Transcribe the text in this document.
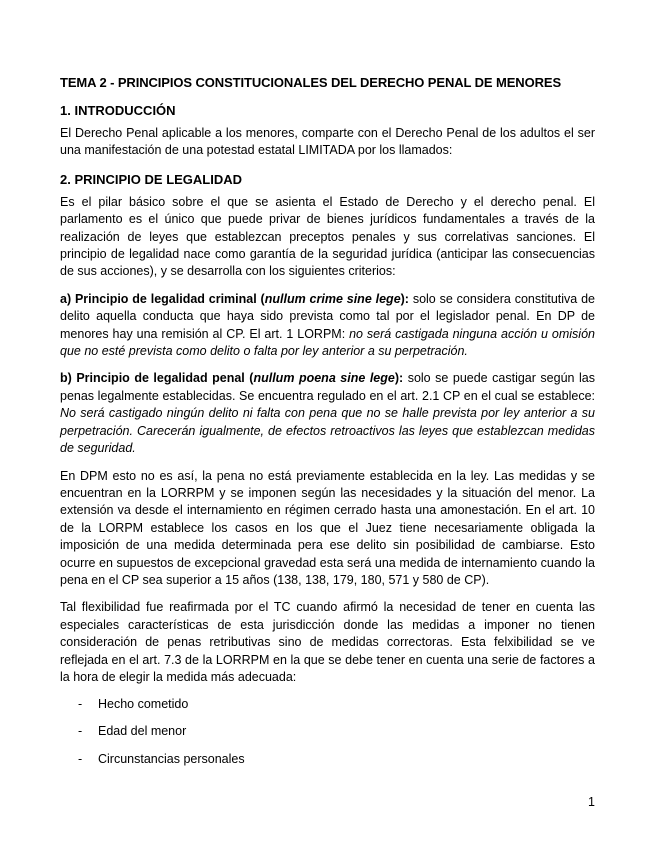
TEMA 2 - PRINCIPIOS CONSTITUCIONALES DEL DERECHO PENAL DE MENORES
1. INTRODUCCIÓN

El Derecho Penal aplicable a los menores, comparte con el Derecho Penal de los adultos el ser una manifestación de una potestad estatal LIMITADA por los llamados:

2. PRINCIPIO DE LEGALIDAD

Es el pilar básico sobre el que se asienta el Estado de Derecho y el derecho penal. El parlamento es el único que puede privar de bienes jurídicos fundamentales a través de la realización de leyes que establezcan preceptos penales y sus correlativas sanciones. El principio de legalidad nace como garantía de la seguridad jurídica (anticipar las consecuencias de sus acciones), y se desarrolla con los siguientes criterios:

a) Principio de legalidad criminal (nullum crime sine lege): solo se considera constitutiva de delito aquella conducta que haya sido prevista como tal por el legislador penal. En DP de menores hay una remisión al CP. El art. 1 LORPM: no será castigada ninguna acción u omisión que no esté prevista como delito o falta por ley anterior a su perpetración.

b) Principio de legalidad penal (nullum poena sine lege): solo se puede castigar según las penas legalmente establecidas. Se encuentra regulado en el art. 2.1 CP en el cual se establece: No será castigado ningún delito ni falta con pena que no se halle prevista por ley anterior a su perpetración. Carecerán igualmente, de efectos retroactivos las leyes que establezcan medidas de seguridad.

En DPM esto no es así, la pena no está previamente establecida en la ley. Las medidas y se encuentran en la LORRPM y se imponen según las necesidades y la situación del menor. La extensión va desde el internamiento en régimen cerrado hasta una amonestación. En el art. 10 de la LORPM establece los casos en los que el Juez tiene necesariamente obligada la imposición de una medida determinada pera ese delito sin posibilidad de cambiarse. Esto ocurre en supuestos de excepcional gravedad esta será una medida de internamiento cuando la pena en el CP sea superior a 15 años (138, 138, 179, 180, 571 y 580 de CP).

Tal flexibilidad fue reafirmada por el TC cuando afirmó la necesidad de tener en cuenta las especiales características de esta jurisdicción donde las medidas a imponer no tienen consideración de penas retributivas sino de medidas correctoras. Esta felxibilidad se ve reflejada en el art. 7.3 de la LORRPM en la que se debe tener en cuenta una serie de factores a la hora de elegir la medida más adecuada:

- Hecho cometido
- Edad del menor
- Circunstancias personales
1
